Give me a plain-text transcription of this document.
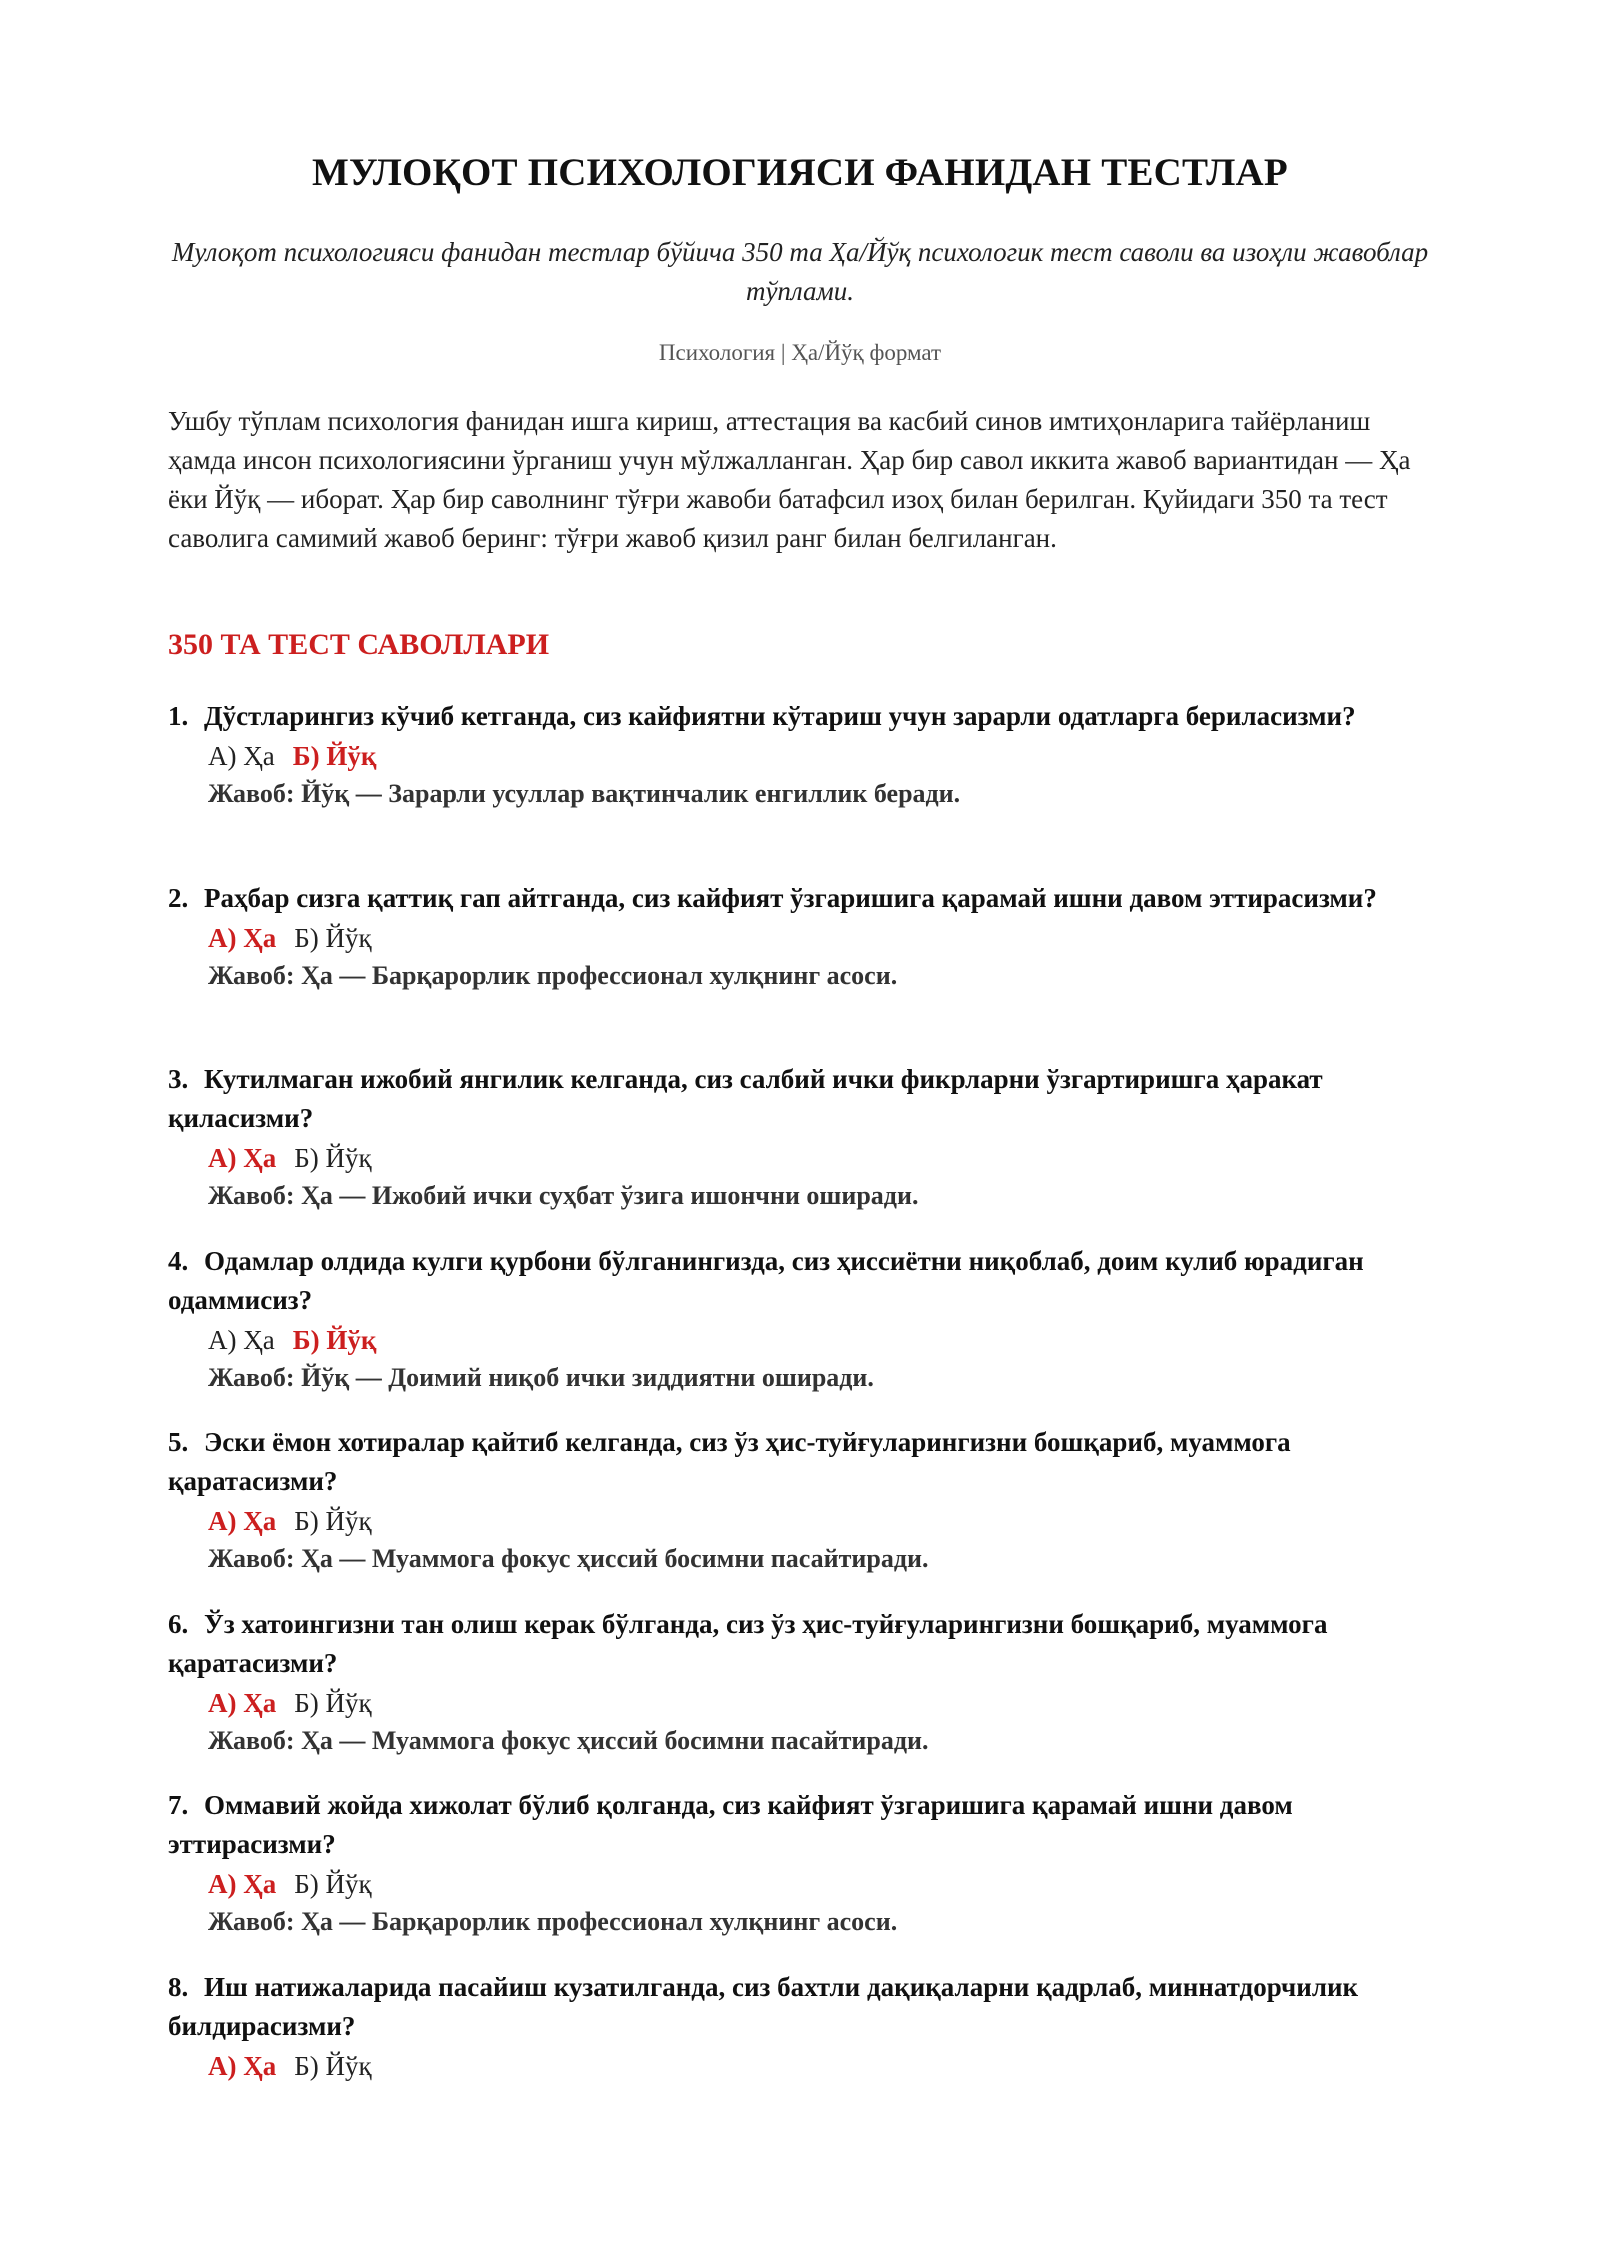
МУЛОҚОТ ПСИХОЛОГИЯСИ ФАНИДАН ТЕСТЛАР
Мулоқот психологияси фанидан тестлар бўйича 350 та Ҳа/Йўқ психологик тест саволи ва изоҳли жавоблар тўплами.
Психология | Ҳа/Йўқ формат
Ушбу тўплам психология фанидан ишга кириш, аттестация ва касбий синов имтиҳонларига тайёрланиш ҳамда инсон психологиясини ўрганиш учун мўлжалланган. Ҳар бир савол иккита жавоб вариантидан — Ҳа ёки Йўқ — иборат. Ҳар бир саволнинг тўғри жавоби батафсил изоҳ билан берилган. Қуйидаги 350 та тест саволига самимий жавоб беринг: тўғри жавоб қизил ранг билан белгиланган.
350 ТА ТЕСТ САВОЛЛАРИ

1. Дўстларингиз кўчиб кетганда, сиз кайфиятни кўтариш учун зарарли одатларга бериласизми?

А) Ҳа Б) Йўқ
Жавоб: Йўқ — Зарарли усуллар вақтинчалик енгиллик беради.

2. Раҳбар сизга қаттиқ гап айтганда, сиз кайфият ўзгаришига қарамай ишни давом эттирасизми?

А) Ҳа Б) Йўқ
Жавоб: Ҳа — Барқарорлик профессионал хулқнинг асоси.

3. Кутилмаган ижобий янгилик келганда, сиз салбий ички фикрларни ўзгартиришга ҳаракат қиласизми?

А) Ҳа Б) Йўқ
Жавоб: Ҳа — Ижобий ички суҳбат ўзига ишончни оширади.

4. Одамлар олдида кулги қурбони бўлганингизда, сиз ҳиссиётни ниқоблаб, доим кулиб юрадиган одаммисиз?

А) Ҳа Б) Йўқ
Жавоб: Йўқ — Доимий ниқоб ички зиддиятни оширади.

5. Эски ёмон хотиралар қайтиб келганда, сиз ўз ҳис-туйғуларингизни бошқариб, муаммога қаратасизми?

А) Ҳа Б) Йўқ
Жавоб: Ҳа — Муаммога фокус ҳиссий босимни пасайтиради.

6. Ўз хатоингизни тан олиш керак бўлганда, сиз ўз ҳис-туйғуларингизни бошқариб, муаммога қаратасизми?

А) Ҳа Б) Йўқ
Жавоб: Ҳа — Муаммога фокус ҳиссий босимни пасайтиради.

7. Оммавий жойда хижолат бўлиб қолганда, сиз кайфият ўзгаришига қарамай ишни давом эттирасизми?

А) Ҳа Б) Йўқ
Жавоб: Ҳа — Барқарорлик профессионал хулқнинг асоси.

8. Иш натижаларида пасайиш кузатилганда, сиз бахтли дақиқаларни қадрлаб, миннатдорчилик билдирасизми?

А) Ҳа Б) Йўқ
